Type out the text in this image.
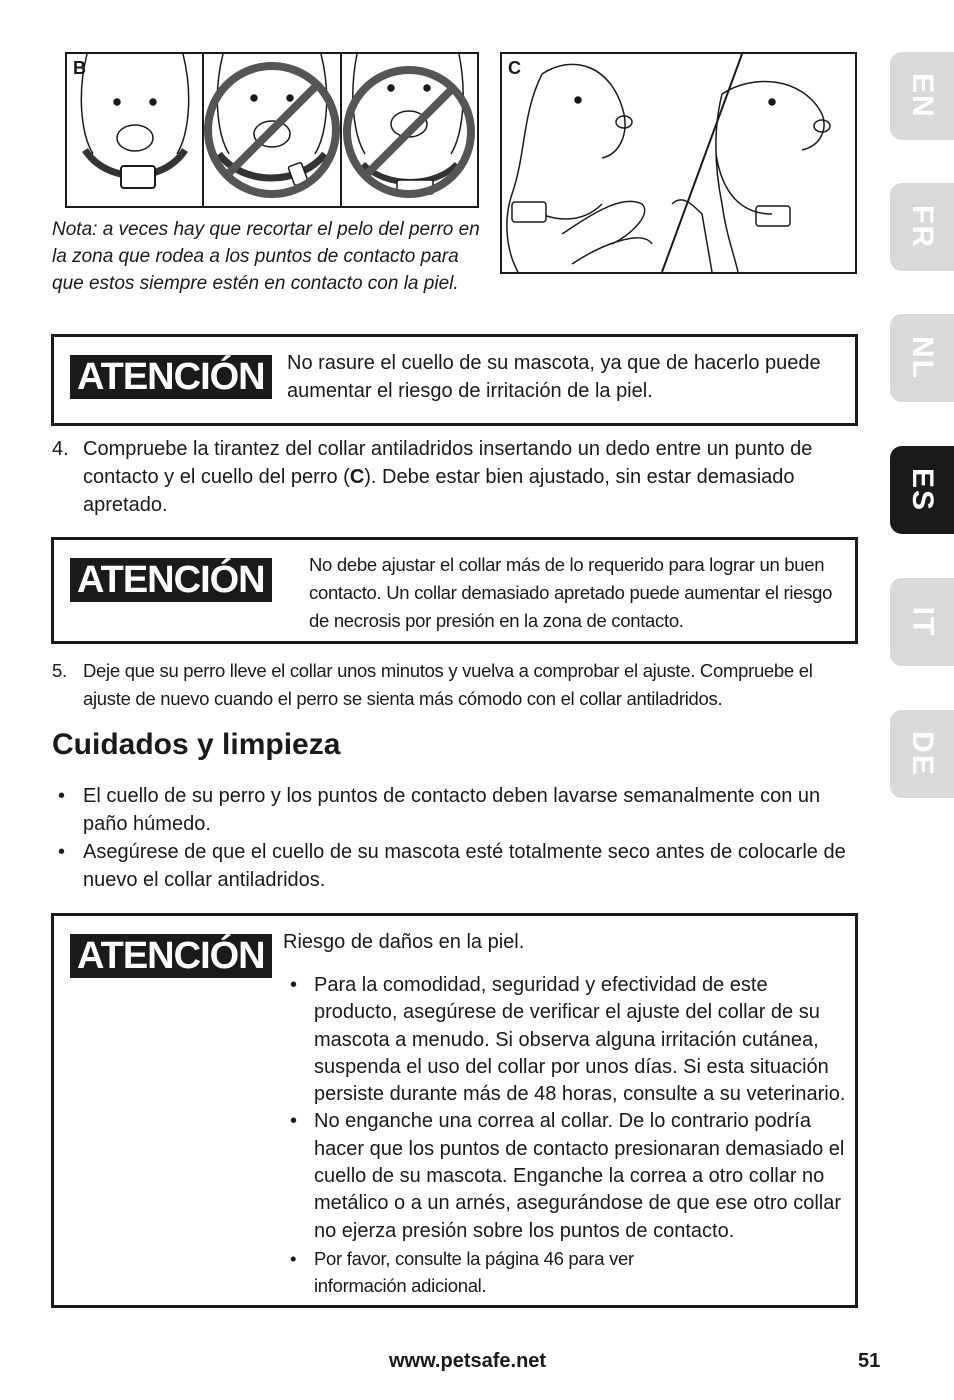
EN
FR
NL
ES
IT
DE
B	C
Nota: a veces hay que recortar el pelo del perro en la zona que rodea a los puntos de contacto para que estos siempre estén en contacto con la piel.
ATENCIÓN	No rasure el cuello de su mascota, ya que de hacerlo puede aumentar el riesgo de irritación de la piel.
4. Compruebe la tirantez del collar antiladridos insertando un dedo entre un punto de contacto y el cuello del perro (C). Debe estar bien ajustado, sin estar demasiado apretado.
ATENCIÓN	No debe ajustar el collar más de lo requerido para lograr un buen contacto. Un collar demasiado apretado puede aumentar el riesgo de necrosis por presión en la zona de contacto.
5. Deje que su perro lleve el collar unos minutos y vuelva a comprobar el ajuste. Compruebe el ajuste de nuevo cuando el perro se sienta más cómodo con el collar antiladridos.
Cuidados y limpieza
• El cuello de su perro y los puntos de contacto deben lavarse semanalmente con un paño húmedo.
• Asegúrese de que el cuello de su mascota esté totalmente seco antes de colocarle de nuevo el collar antiladridos.
ATENCIÓN Riesgo de daños en la piel.
• Para la comodidad, seguridad y efectividad de este producto, asegúrese de verificar el ajuste del collar de su mascota a menudo. Si observa alguna irritación cutánea, suspenda el uso del collar por unos días. Si esta situación persiste durante más de 48 horas, consulte a su veterinario.
• No enganche una correa al collar. De lo contrario podría hacer que los puntos de contacto presionaran demasiado el cuello de su mascota. Enganche la correa a otro collar no metálico o a un arnés, asegurándose de que ese otro collar no ejerza presión sobre los puntos de contacto.
• Por favor, consulte la página 46 para ver información adicional.
www.petsafe.net	51
